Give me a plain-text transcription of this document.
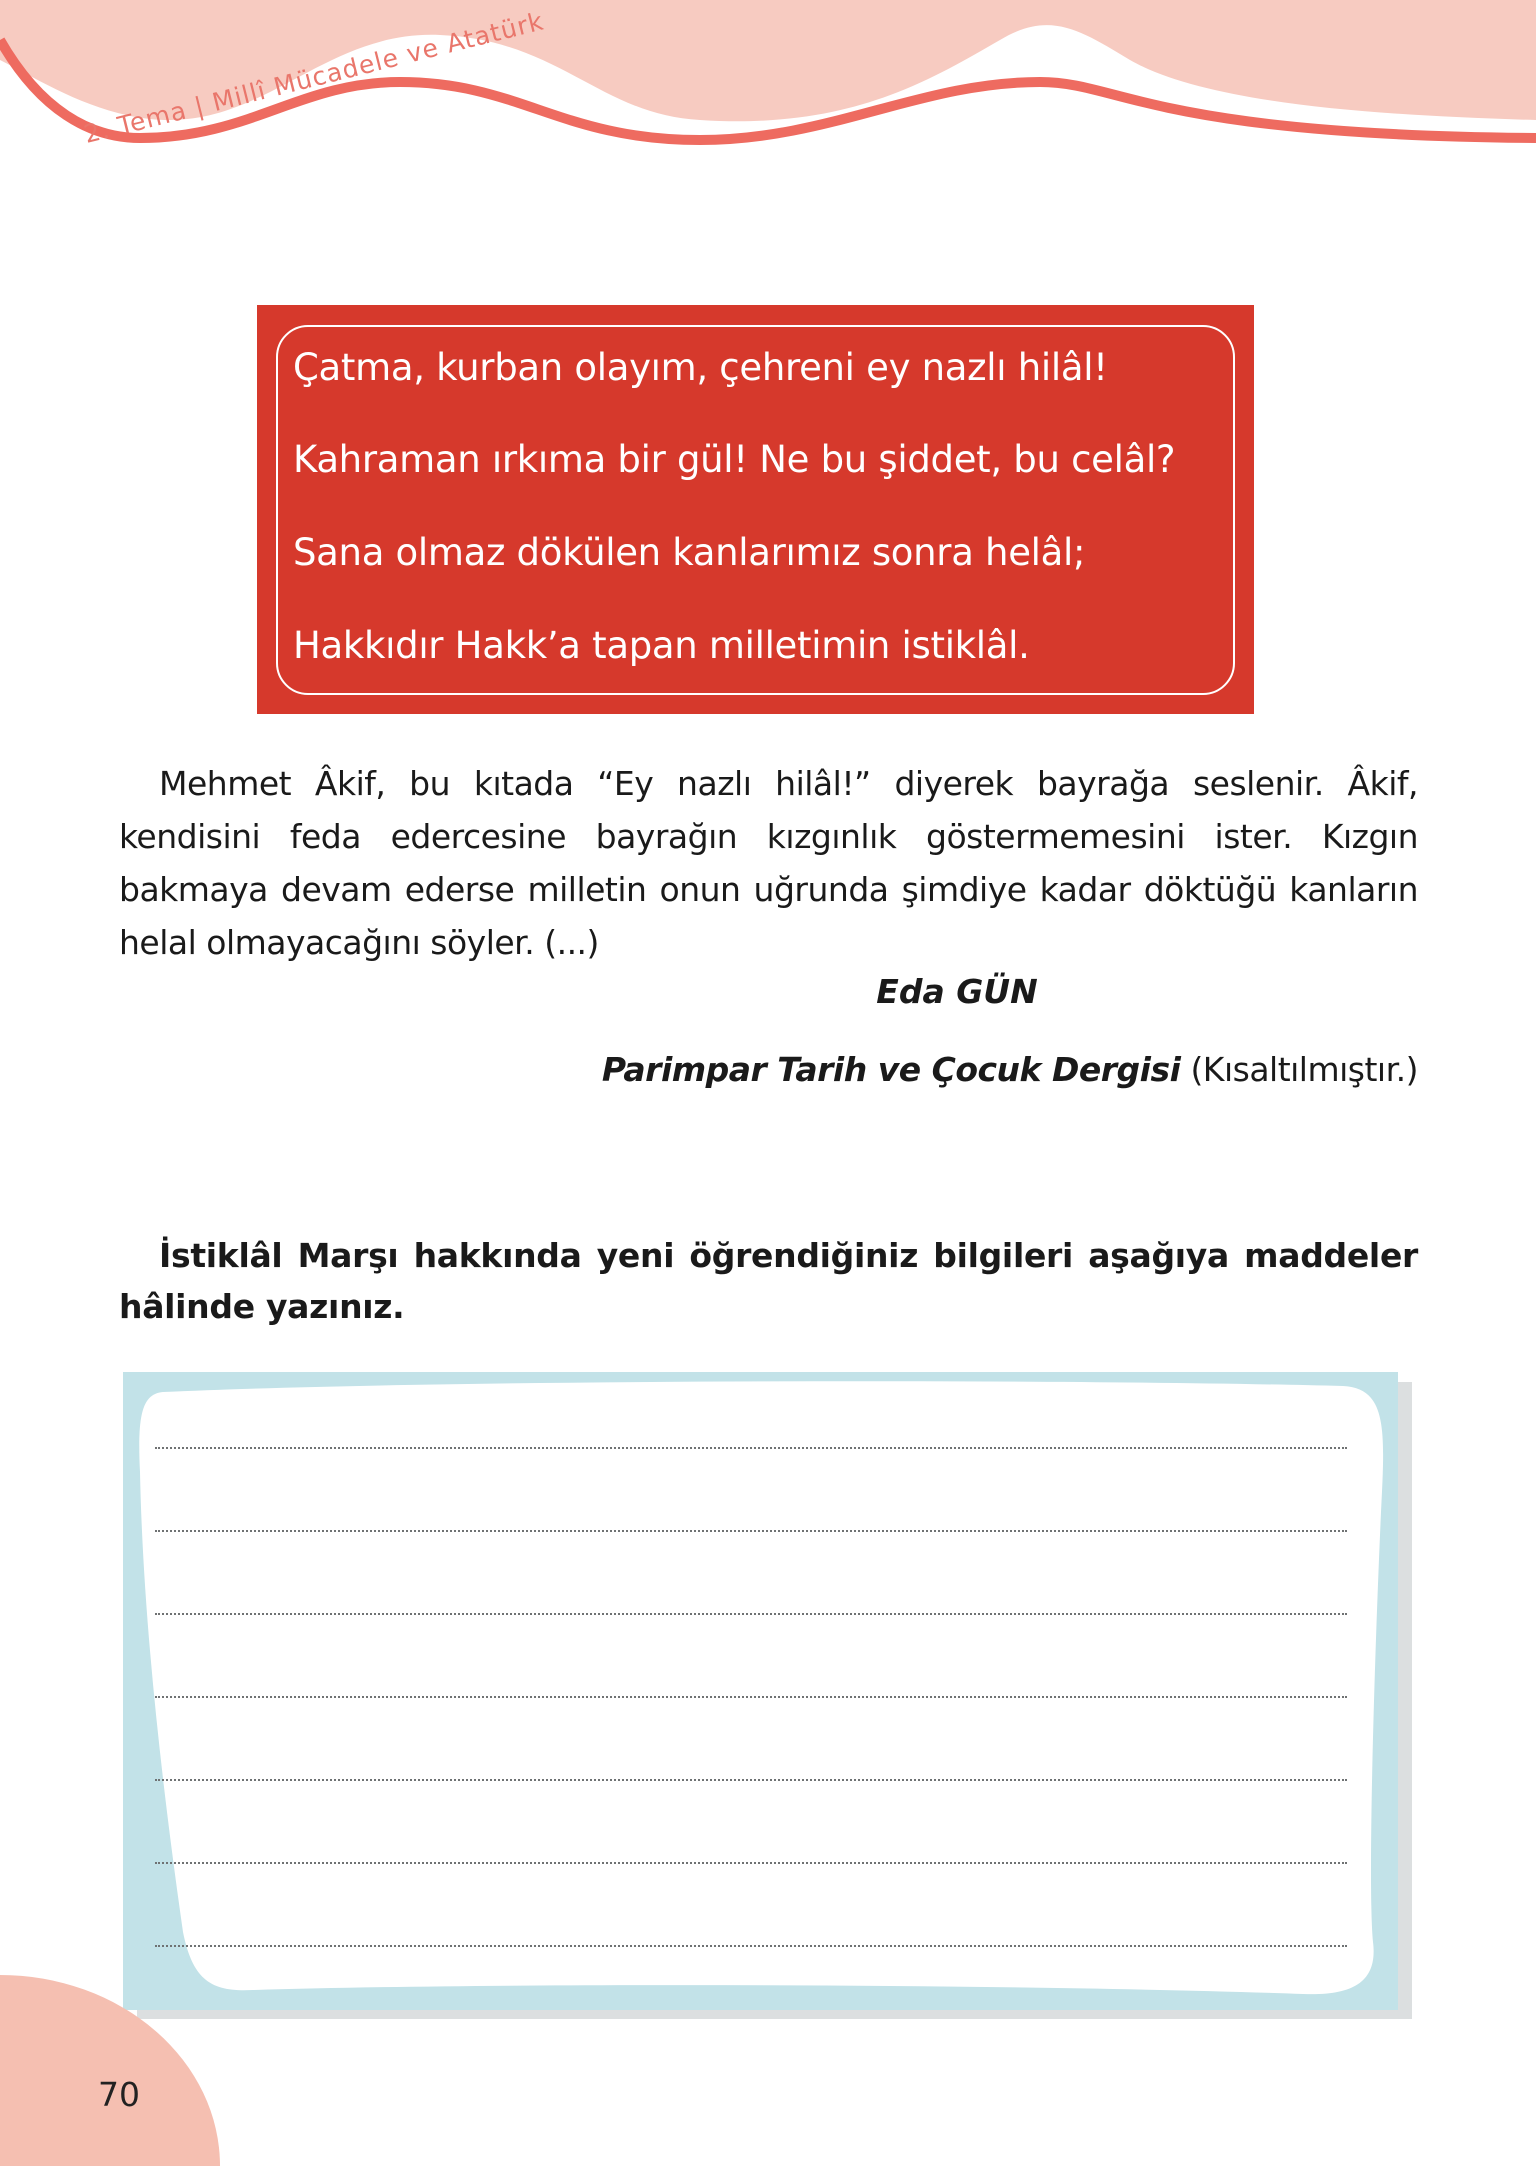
2. Tema | Millî Mücadele ve Atatürk
Çatma, kurban olayım, çehreni ey nazlı hilâl!
Kahraman ırkıma bir gül! Ne bu şiddet, bu celâl?
Sana olmaz dökülen kanlarımız sonra helâl;
Hakkıdır Hakk’a tapan milletimin istiklâl.
Mehmet Âkif, bu kıtada “Ey nazlı hilâl!” diyerek bayrağa seslenir. Âkif, kendisini feda edercesine bayrağın kızgınlık göstermemesini ister. Kızgın bakmaya devam ederse milletin onun uğrunda şimdiye kadar döktüğü kanların helal olmayacağını söyler. (...)
Eda GÜN
Parimpar Tarih ve Çocuk Dergisi (Kısaltılmıştır.)
İstiklâl Marşı hakkında yeni öğrendiğiniz bilgileri aşağıya maddeler hâlinde yazınız.
70
